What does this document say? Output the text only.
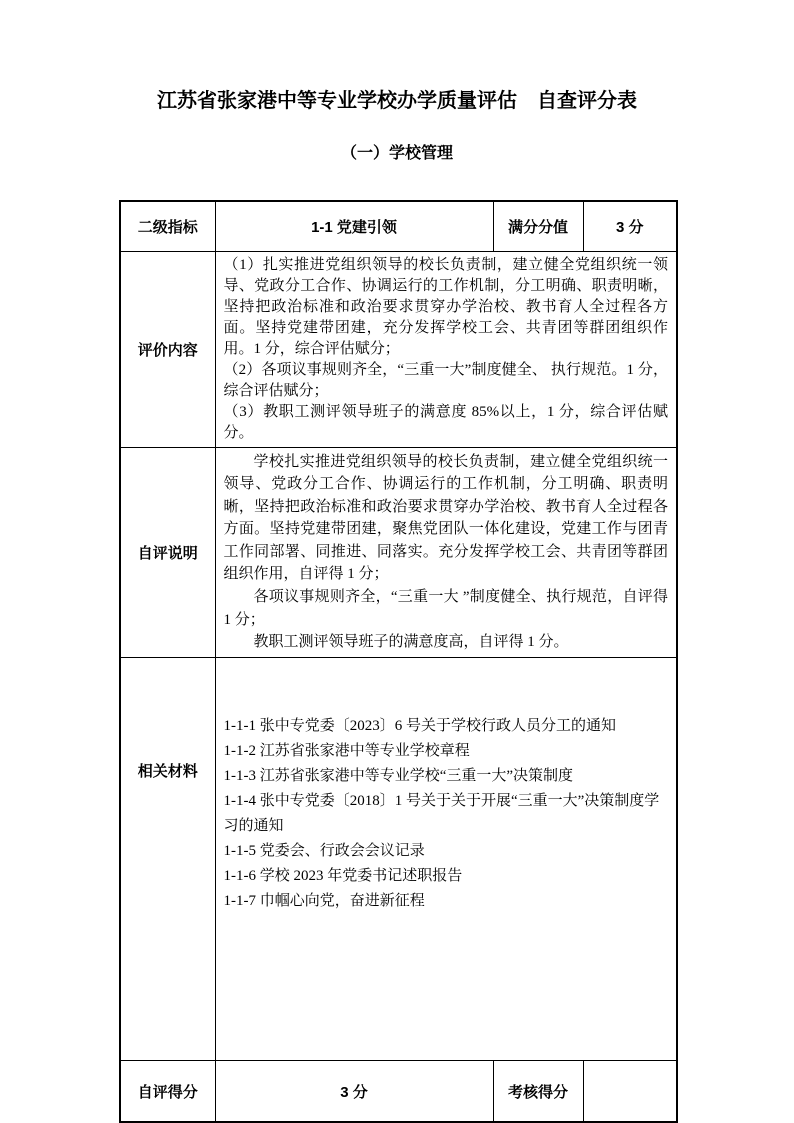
江苏省张家港中等专业学校办学质量评估　自查评分表
（一）学校管理
二级指标	1-1 党建引领	满分分值	3 分
评价内容	（1）扎实推进党组织领导的校长负责制，建立健全党组织统一领导、党政分工合作、协调运行的工作机制，分工明确、职责明晰，坚持把政治标准和政治要求贯穿办学治校、教书育人全过程各方面。坚持党建带团建，充分发挥学校工会、共青团等群团组织作用。1 分，综合评估赋分；

（2）各项议事规则齐全，“三重一大”制度健全、 执行规范。1 分，综合评估赋分；

（3）教职工测评领导班子的满意度 85%以上，1 分，综合评估赋分。		

自评说明	学校扎实推进党组织领导的校长负责制，建立健全党组织统一领导、党政分工合作、协调运行的工作机制，分工明确、职责明晰，坚持把政治标准和政治要求贯穿办学治校、教书育人全过程各方面。坚持党建带团建，聚焦党团队一体化建设，党建工作与团青工作同部署、同推进、同落实。充分发挥学校工会、共青团等群团组织作用，自评得 1 分；

各项议事规则齐全，“三重一大 ”制度健全、执行规范，自评得 1 分；

教职工测评领导班子的满意度高，自评得 1 分。		

相关材料	

1-1-1 张中专党委〔2023〕6 号关于学校行政人员分工的通知

1-1-2 江苏省张家港中等专业学校章程

1-1-3 江苏省张家港中等专业学校“三重一大”决策制度

1-1-4 张中专党委〔2018〕1 号关于关于开展“三重一大”决策制度学习的通知

1-1-5 党委会、行政会会议记录

1-1-6 学校 2023 年党委书记述职报告

1-1-7 巾帼心向党，奋进新征程

自评得分	3 分	考核得分	
